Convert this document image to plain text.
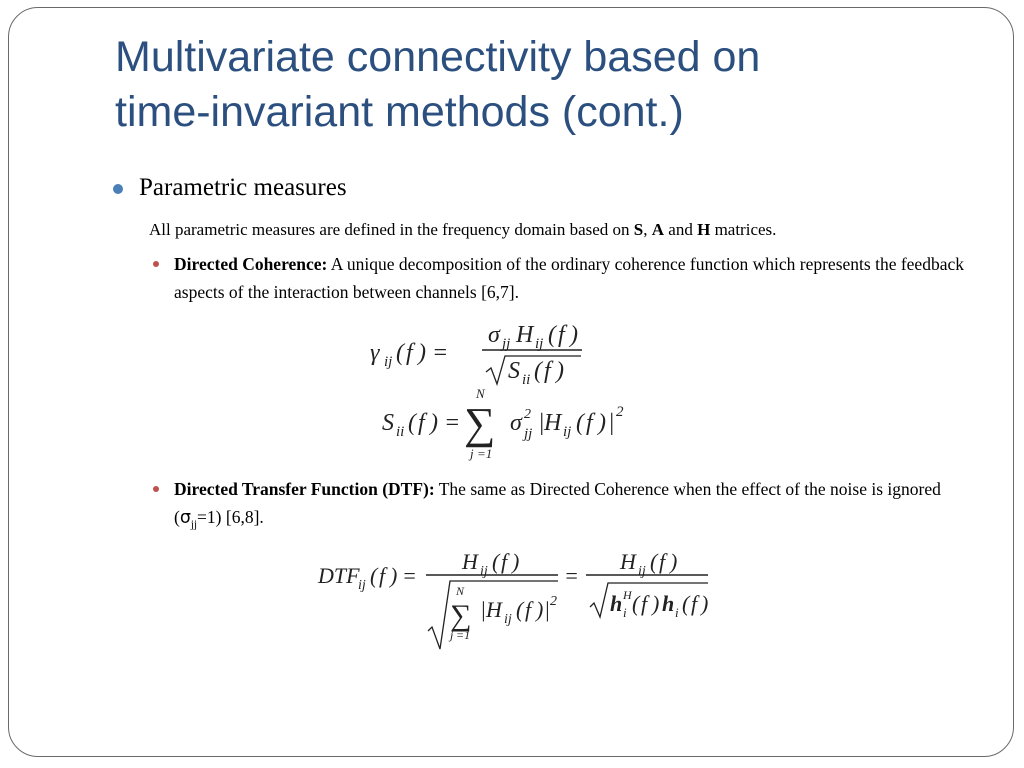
Multivariate connectivity based on
time-invariant methods (cont.)
Parametric measures
All parametric measures are defined in the frequency domain based on S, A and H matrices.
Directed Coherence: A unique decomposition of the ordinary coherence function which represents the feedback aspects of the interaction between channels [6,7].
γ ij ( f ) =
σ jj H ij ( f )
S ii ( f )
S ii ( f ) =
N
∑
j =1
σ 2
jj | H ij ( f ) | 2
Directed Transfer Function (DTF): The same as Directed Coherence when the effect of the noise is ignored $(\sigma_{jj}=1)$ [6,8].
DTF
ij ( f ) =
H ij ( f )
N
∑
j =1
| H ij ( f ) | 2
=
H ij ( f )
h H
i ( f ) h i ( f )
